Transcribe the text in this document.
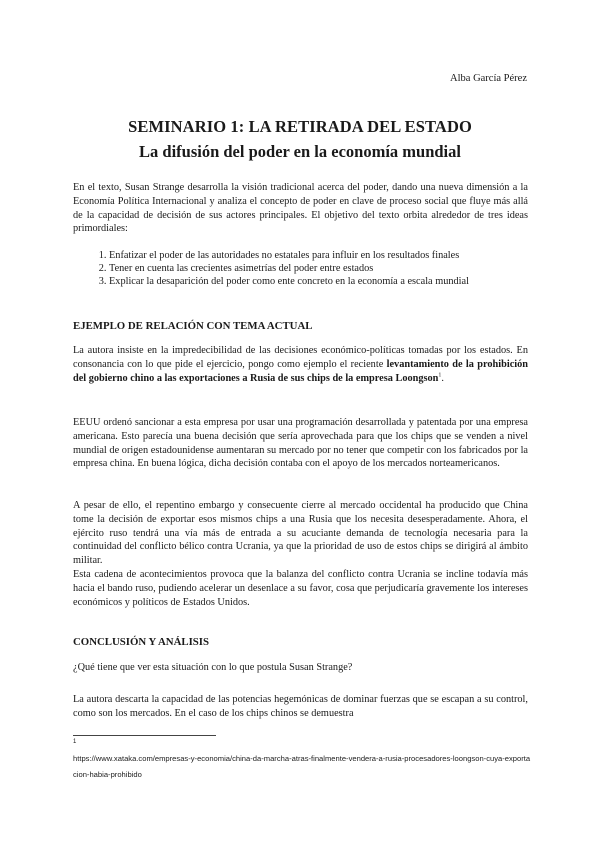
Alba García Pérez
SEMINARIO 1: LA RETIRADA DEL ESTADO
La difusión del poder en la economía mundial
En el texto, Susan Strange desarrolla la visión tradicional acerca del poder, dando una nueva dimensión a la Economía Política Internacional y analiza el concepto de poder en clave de proceso social que fluye más allá de la capacidad de decisión de sus actores principales. El objetivo del texto orbita alrededor de tres ideas primordiales:
1. Enfatizar el poder de las autoridades no estatales para influir en los resultados finales
2. Tener en cuenta las crecientes asimetrías del poder entre estados
3. Explicar la desaparición del poder como ente concreto en la economía a escala mundial
EJEMPLO DE RELACIÓN CON TEMA ACTUAL
La autora insiste en la impredecibilidad de las decisiones económico-políticas tomadas por los estados. En consonancia con lo que pide el ejercicio, pongo como ejemplo el reciente levantamiento de la prohibición del gobierno chino a las exportaciones a Rusia de sus chips de la empresa Loongson$^1$.
EEUU ordenó sancionar a esta empresa por usar una programación desarrollada y patentada por una empresa americana. Esto parecía una buena decisión que sería aprovechada para que los chips que se venden a nivel mundial de origen estadounidense aumentaran su mercado por no tener que competir con los fabricados por la empresa china. En buena lógica, dicha decisión contaba con el apoyo de los mercados norteamericanos.
A pesar de ello, el repentino embargo y consecuente cierre al mercado occidental ha producido que China tome la decisión de exportar esos mismos chips a una Rusia que los necesita desesperadamente. Ahora, el ejército ruso tendrá una vía más de entrada a su acuciante demanda de tecnología necesaria para la continuidad del conflicto bélico contra Ucrania, ya que la prioridad de uso de estos chips se dirigirá al ámbito militar.
Esta cadena de acontecimientos provoca que la balanza del conflicto contra Ucrania se incline todavía más hacia el bando ruso, pudiendo acelerar un desenlace a su favor, cosa que perjudicaría gravemente los intereses económicos y políticos de Estados Unidos.
CONCLUSIÓN Y ANÁLISIS
¿Qué tiene que ver esta situación con lo que postula Susan Strange?
La autora descarta la capacidad de las potencias hegemónicas de dominar fuerzas que se escapan a su control, como son los mercados. En el caso de los chips chinos se demuestra
1
https://www.xataka.com/empresas-y-economia/china-da-marcha-atras-finalmente-vendera-a-rusia-procesadores-loongson-cuya-exportacion-habia-prohibido
